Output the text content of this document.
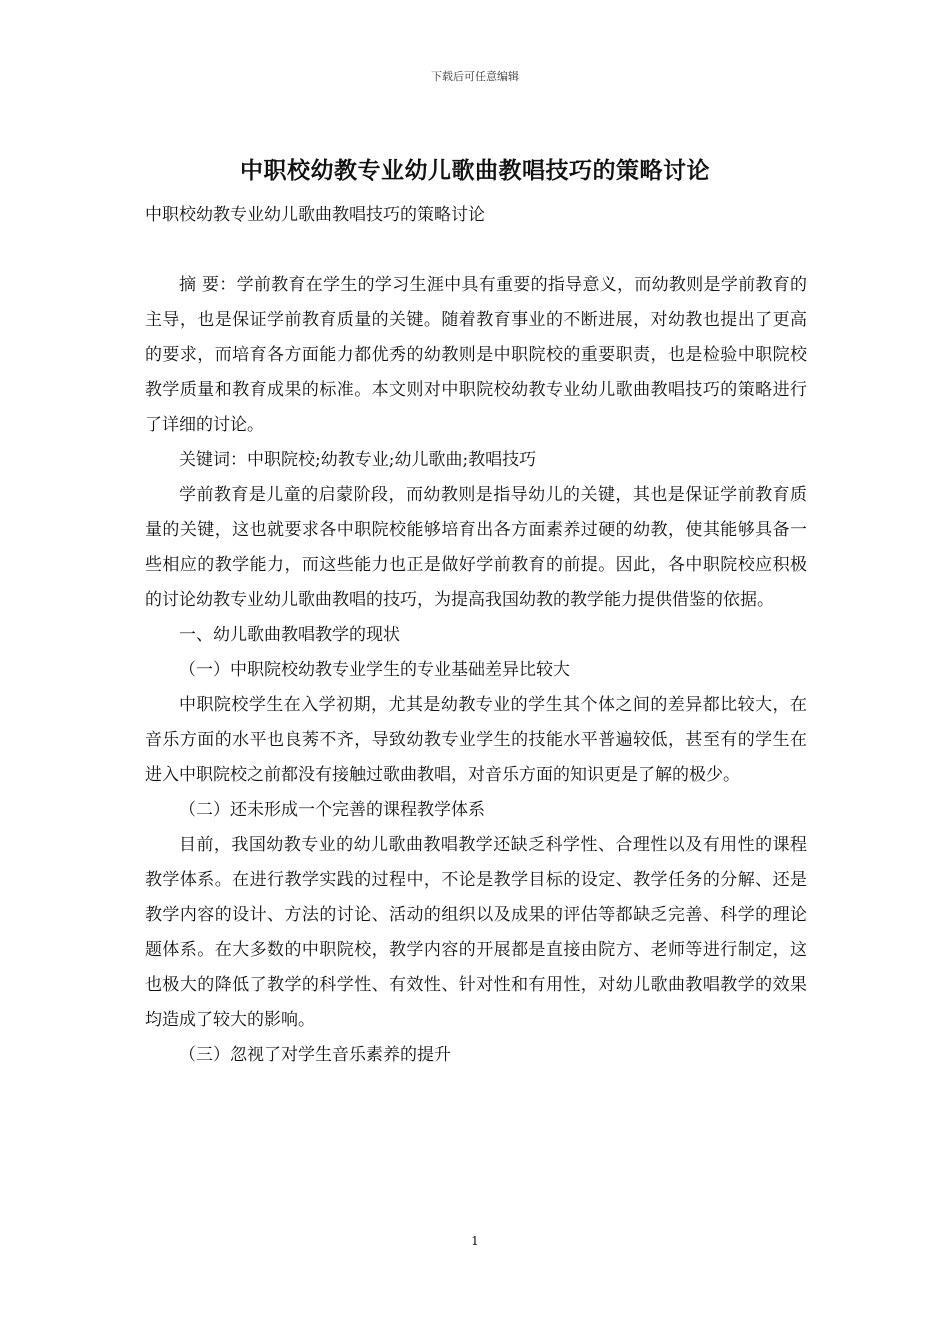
下载后可任意编辑
中职校幼教专业幼儿歌曲教唱技巧的策略讨论
中职校幼教专业幼儿歌曲教唱技巧的策略讨论

摘 要：学前教育在学生的学习生涯中具有重要的指导意义，而幼教则是学前教育的主导，也是保证学前教育质量的关键。随着教育事业的不断进展，对幼教也提出了更高的要求，而培育各方面能力都优秀的幼教则是中职院校的重要职责，也是检验中职院校教学质量和教育成果的标准。本文则对中职院校幼教专业幼儿歌曲教唱技巧的策略进行了详细的讨论。

关键词：中职院校;幼教专业;幼儿歌曲;教唱技巧

学前教育是儿童的启蒙阶段，而幼教则是指导幼儿的关键，其也是保证学前教育质量的关键，这也就要求各中职院校能够培育出各方面素养过硬的幼教，使其能够具备一些相应的教学能力，而这些能力也正是做好学前教育的前提。因此，各中职院校应积极的讨论幼教专业幼儿歌曲教唱的技巧，为提高我国幼教的教学能力提供借鉴的依据。

一、幼儿歌曲教唱教学的现状

（一）中职院校幼教专业学生的专业基础差异比较大

中职院校学生在入学初期，尤其是幼教专业的学生其个体之间的差异都比较大，在音乐方面的水平也良莠不齐，导致幼教专业学生的技能水平普遍较低，甚至有的学生在进入中职院校之前都没有接触过歌曲教唱，对音乐方面的知识更是了解的极少。

（二）还未形成一个完善的课程教学体系

目前，我国幼教专业的幼儿歌曲教唱教学还缺乏科学性、合理性以及有用性的课程教学体系。在进行教学实践的过程中，不论是教学目标的设定、教学任务的分解、还是教学内容的设计、方法的讨论、活动的组织以及成果的评估等都缺乏完善、科学的理论题体系。在大多数的中职院校，教学内容的开展都是直接由院方、老师等进行制定，这也极大的降低了教学的科学性、有效性、针对性和有用性，对幼儿歌曲教唱教学的效果均造成了较大的影响。

（三）忽视了对学生音乐素养的提升

1
